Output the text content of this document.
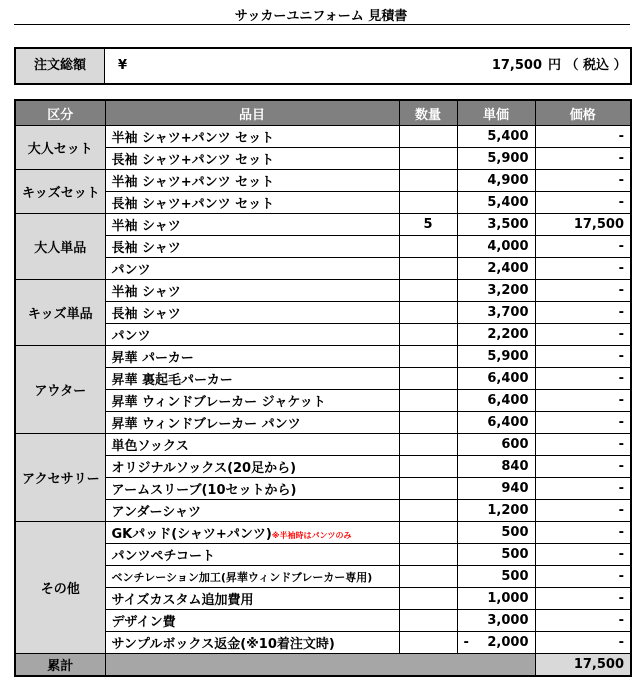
サッカーユニフォーム 見積書
注文総額	¥	17,500 円 （ 税込 ）
区分	品目	数量	単価	価格
大人セット	半袖 シャツ+パンツ セット		5,400	-
	長袖 シャツ+パンツ セット		5,900	-
キッズセット	半袖 シャツ+パンツ セット		4,900	-
	長袖 シャツ+パンツ セット		5,400	-
大人単品	半袖 シャツ	5	3,500	17,500
	長袖 シャツ		4,000	-
	パンツ		2,400	-
キッズ単品	半袖 シャツ		3,200	-
	長袖 シャツ		3,700	-
	パンツ		2,200	-
アウター	昇華 パーカー		5,900	-
	昇華 裏起毛パーカー		6,400	-
	昇華 ウィンドブレーカー ジャケット		6,400	-
	昇華 ウィンドブレーカー パンツ		6,400	-
アクセサリー	単色ソックス		600	-
	オリジナルソックス(20足から)		840	-
	アームスリーブ(10セットから)		940	-
	アンダーシャツ		1,200	-
その他	GKパッド(シャツ+パンツ)※半袖時はパンツのみ		500	-
	パンツペチコート		500	-
	ベンチレーション加工(昇華ウィンドブレーカー専用)		500	-
	サイズカスタム追加費用		1,000	-
	デザイン費		3,000	-
	サンプルボックス返金(※10着注文時)		- 2,000	-
累計				17,500
